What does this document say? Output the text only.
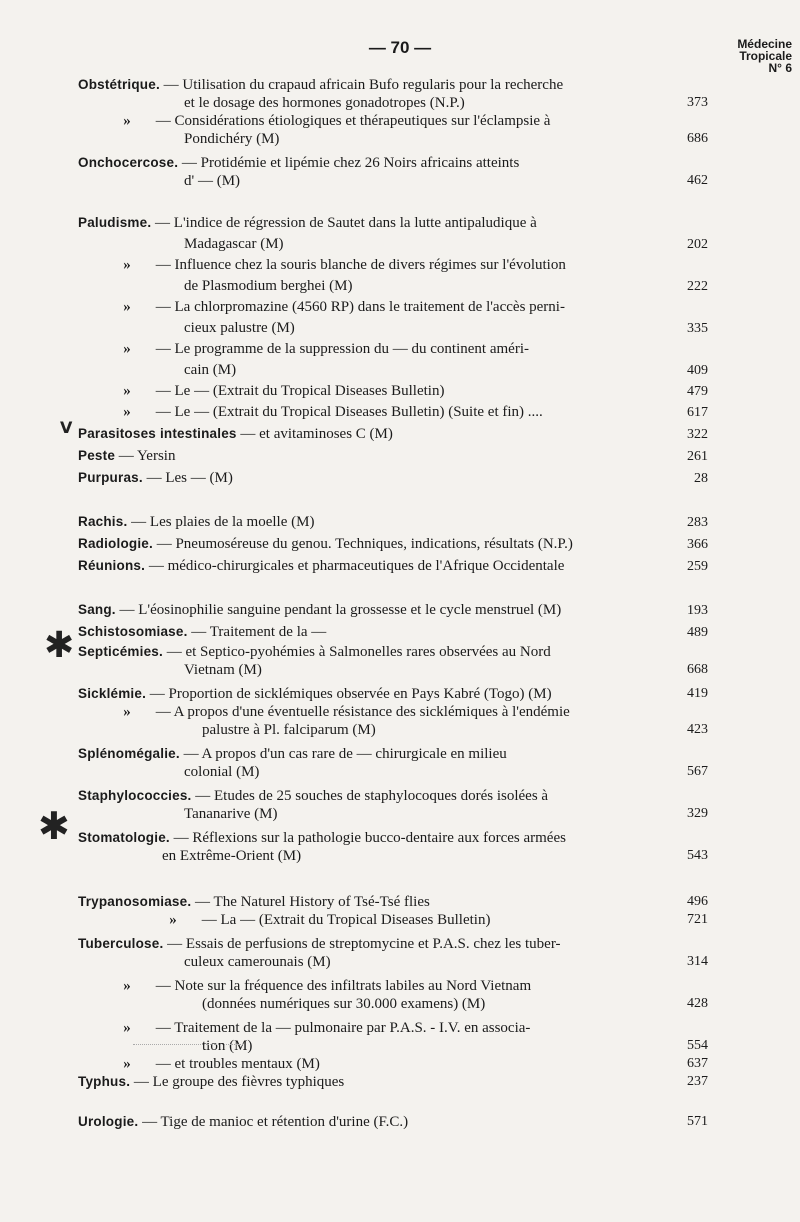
— 70 —	Médecine
Tropicale
N° 6
V
✱
✱
Obstétrique. — Utilisation du crapaud africain Bufo regularis pour la recherche
et le dosage des hormones gonadotropes (N.P.)	373
» — Considérations étiologiques et thérapeutiques sur l'éclampsie à
Pondichéry (M)	686
Onchocercose. — Protidémie et lipémie chez 26 Noirs africains atteints
d' — (M)	462
Paludisme. — L'indice de régression de Sautet dans la lutte antipaludique à
Madagascar (M)	202
» — Influence chez la souris blanche de divers régimes sur l'évolution
de Plasmodium berghei (M)	222
» — La chlorpromazine (4560 RP) dans le traitement de l'accès perni-
cieux palustre (M)	335
» — Le programme de la suppression du — du continent améri-
cain (M)	409
» — Le — (Extrait du Tropical Diseases Bulletin)	479
» — Le — (Extrait du Tropical Diseases Bulletin) (Suite et fin) ....	617
Parasitoses intestinales — et avitaminoses C (M)	322
Peste — Yersin	261
Purpuras. — Les — (M)	28
Rachis. — Les plaies de la moelle (M)	283
Radiologie. — Pneumoséreuse du genou. Techniques, indications, résultats (N.P.)	366
Réunions. — médico-chirurgicales et pharmaceutiques de l'Afrique Occidentale	259
Sang. — L'éosinophilie sanguine pendant la grossesse et le cycle menstruel (M)	193
Schistosomiase. — Traitement de la —	489
Septicémies. — et Septico-pyohémies à Salmonelles rares observées au Nord
Vietnam (M)	668
Sicklémie. — Proportion de sicklémiques observée en Pays Kabré (Togo) (M)	419
» — A propos d'une éventuelle résistance des sicklémiques à l'endémie
palustre à Pl. falciparum (M)	423
Splénomégalie. — A propos d'un cas rare de — chirurgicale en milieu
colonial (M)	567
Staphylococcies. — Etudes de 25 souches de staphylocoques dorés isolées à
Tananarive (M)	329
Stomatologie. — Réflexions sur la pathologie bucco-dentaire aux forces armées
en Extrême-Orient (M)	543
Trypanosomiase. — The Naturel History of Tsé-Tsé flies	496
» — La — (Extrait du Tropical Diseases Bulletin)	721
Tuberculose. — Essais de perfusions de streptomycine et P.A.S. chez les tuber-
culeux camerounais (M)	314
» — Note sur la fréquence des infiltrats labiles au Nord Vietnam
(données numériques sur 30.000 examens) (M)	428
» — Traitement de la — pulmonaire par P.A.S. - I.V. en associa-
tion (M)	554
» — et troubles mentaux (M)	637
Typhus. — Le groupe des fièvres typhiques	237
Urologie. — Tige de manioc et rétention d'urine (F.C.)	571
